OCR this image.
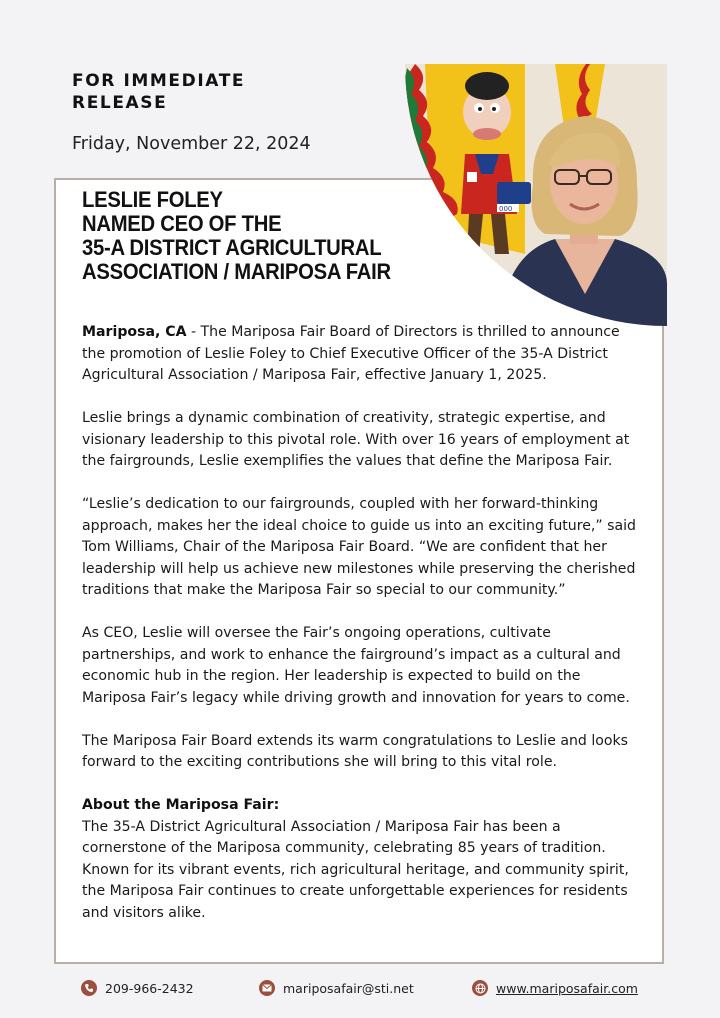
FOR IMMEDIATE
RELEASE
Friday, November 22, 2024
000
LESLIE FOLEY
NAMED CEO OF THE
35-A DISTRICT AGRICULTURAL
ASSOCIATION / MARIPOSA FAIR

Mariposa, CA - The Mariposa Fair Board of Directors is thrilled to announce the promotion of Leslie Foley to Chief Executive Officer of the 35-A District Agricultural Association / Mariposa Fair, effective January 1, 2025.

Leslie brings a dynamic combination of creativity, strategic expertise, and visionary leadership to this pivotal role. With over 16 years of employment at the fairgrounds, Leslie exemplifies the values that define the Mariposa Fair.

“Leslie’s dedication to our fairgrounds, coupled with her forward-thinking approach, makes her the ideal choice to guide us into an exciting future,” said Tom Williams, Chair of the Mariposa Fair Board. “We are confident that her leadership will help us achieve new milestones while preserving the cherished traditions that make the Mariposa Fair so special to our community.”

As CEO, Leslie will oversee the Fair’s ongoing operations, cultivate partnerships, and work to enhance the fairground’s impact as a cultural and economic hub in the region. Her leadership is expected to build on the Mariposa Fair’s legacy while driving growth and innovation for years to come.

The Mariposa Fair Board extends its warm congratulations to Leslie and looks forward to the exciting contributions she will bring to this vital role.

About the Mariposa Fair:
The 35-A District Agricultural Association / Mariposa Fair has been a cornerstone of the Mariposa community, celebrating 85 years of tradition. Known for its vibrant events, rich agricultural heritage, and community spirit, the Mariposa Fair continues to create unforgettable experiences for residents and visitors alike.
209-966-2432	mariposafair@sti.net	www.mariposafair.com
